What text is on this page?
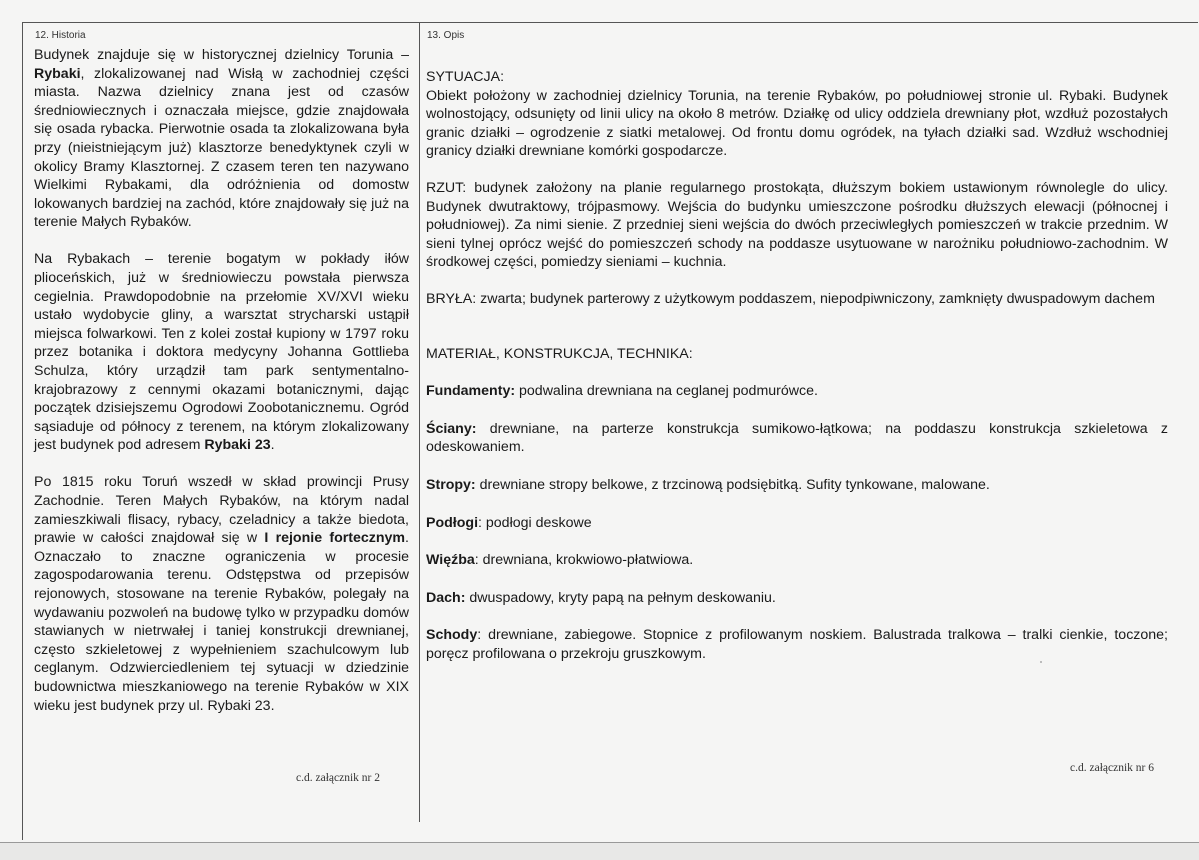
12. Historia	13. Opis

Budynek znajduje się w historycznej dzielnicy Torunia – Rybaki, zlokalizowanej nad Wisłą w zachodniej części miasta. Nazwa dzielnicy znana jest od czasów średniowiecznych i oznaczała miejsce, gdzie znajdowała się osada rybacka. Pierwotnie osada ta zlokalizowana była przy (nieistniejącym już) klasztorze benedyktynek czyli w okolicy Bramy Klasztornej. Z czasem teren ten nazywano Wielkimi Rybakami, dla odróżnienia od domostw lokowanych bardziej na zachód, które znajdowały się już na terenie Małych Rybaków.

Na Rybakach – terenie bogatym w pokłady iłów plioceńskich, już w średniowieczu powstała pierwsza cegielnia. Prawdopodobnie na przełomie XV/XVI wieku ustało wydobycie gliny, a warsztat strycharski ustąpił miejsca folwarkowi. Ten z kolei został kupiony w 1797 roku przez botanika i doktora medycyny Johanna Gottlieba Schulza, który urządził tam park sentymentalno-krajobrazowy z cennymi okazami botanicznymi, dając początek dzisiejszemu Ogrodowi Zoobotanicznemu. Ogród sąsiaduje od północy z terenem, na którym zlokalizowany jest budynek pod adresem Rybaki 23.

Po 1815 roku Toruń wszedł w skład prowincji Prusy Zachodnie. Teren Małych Rybaków, na którym nadal zamieszkiwali flisacy, rybacy, czeladnicy a także biedota, prawie w całości znajdował się w I rejonie fortecznym. Oznaczało to znaczne ograniczenia w procesie zagospodarowania terenu. Odstępstwa od przepisów rejonowych, stosowane na terenie Rybaków, polegały na wydawaniu pozwoleń na budowę tylko w przypadku domów stawianych w nietrwałej i taniej konstrukcji drewnianej, często szkieletowej z wypełnieniem szachulcowym lub ceglanym. Odzwierciedleniem tej sytuacji w dziedzinie budownictwa mieszkaniowego na terenie Rybaków w XIX wieku jest budynek przy ul. Rybaki 23.

SYTUACJA:

Obiekt położony w zachodniej dzielnicy Torunia, na terenie Rybaków, po południowej stronie ul. Rybaki. Budynek wolnostojący, odsunięty od linii ulicy na około 8 metrów. Działkę od ulicy oddziela drewniany płot, wzdłuż pozostałych granic działki – ogrodzenie z siatki metalowej. Od frontu domu ogródek, na tyłach działki sad. Wzdłuż wschodniej granicy działki drewniane komórki gospodarcze.

RZUT: budynek założony na planie regularnego prostokąta, dłuższym bokiem ustawionym równolegle do ulicy. Budynek dwutraktowy, trójpasmowy. Wejścia do budynku umieszczone pośrodku dłuższych elewacji (północnej i południowej). Za nimi sienie. Z przedniej sieni wejścia do dwóch przeciwległych pomieszczeń w trakcie przednim. W sieni tylnej oprócz wejść do pomieszczeń schody na poddasze usytuowane w narożniku południowo-zachodnim. W środkowej części, pomiedzy sieniami – kuchnia.

BRYŁA: zwarta; budynek parterowy z użytkowym poddaszem, niepodpiwniczony, zamknięty dwuspadowym dachem

MATERIAŁ, KONSTRUKCJA, TECHNIKA:

Fundamenty: podwalina drewniana na ceglanej podmurówce.

Ściany: drewniane, na parterze konstrukcja sumikowo-łątkowa; na poddaszu konstrukcja szkieletowa z odeskowaniem.

Stropy: drewniane stropy belkowe, z trzcinową podsiębitką. Sufity tynkowane, malowane.

Podłogi: podłogi deskowe

Więźba: drewniana, krokwiowo-płatwiowa.

Dach: dwuspadowy, kryty papą na pełnym deskowaniu.

Schody: drewniane, zabiegowe. Stopnice z profilowanym noskiem. Balustrada tralkowa – tralki cienkie, toczone; poręcz profilowana o przekroju gruszkowym.

c.d. załącznik nr 2
c.d. załącznik nr 6
